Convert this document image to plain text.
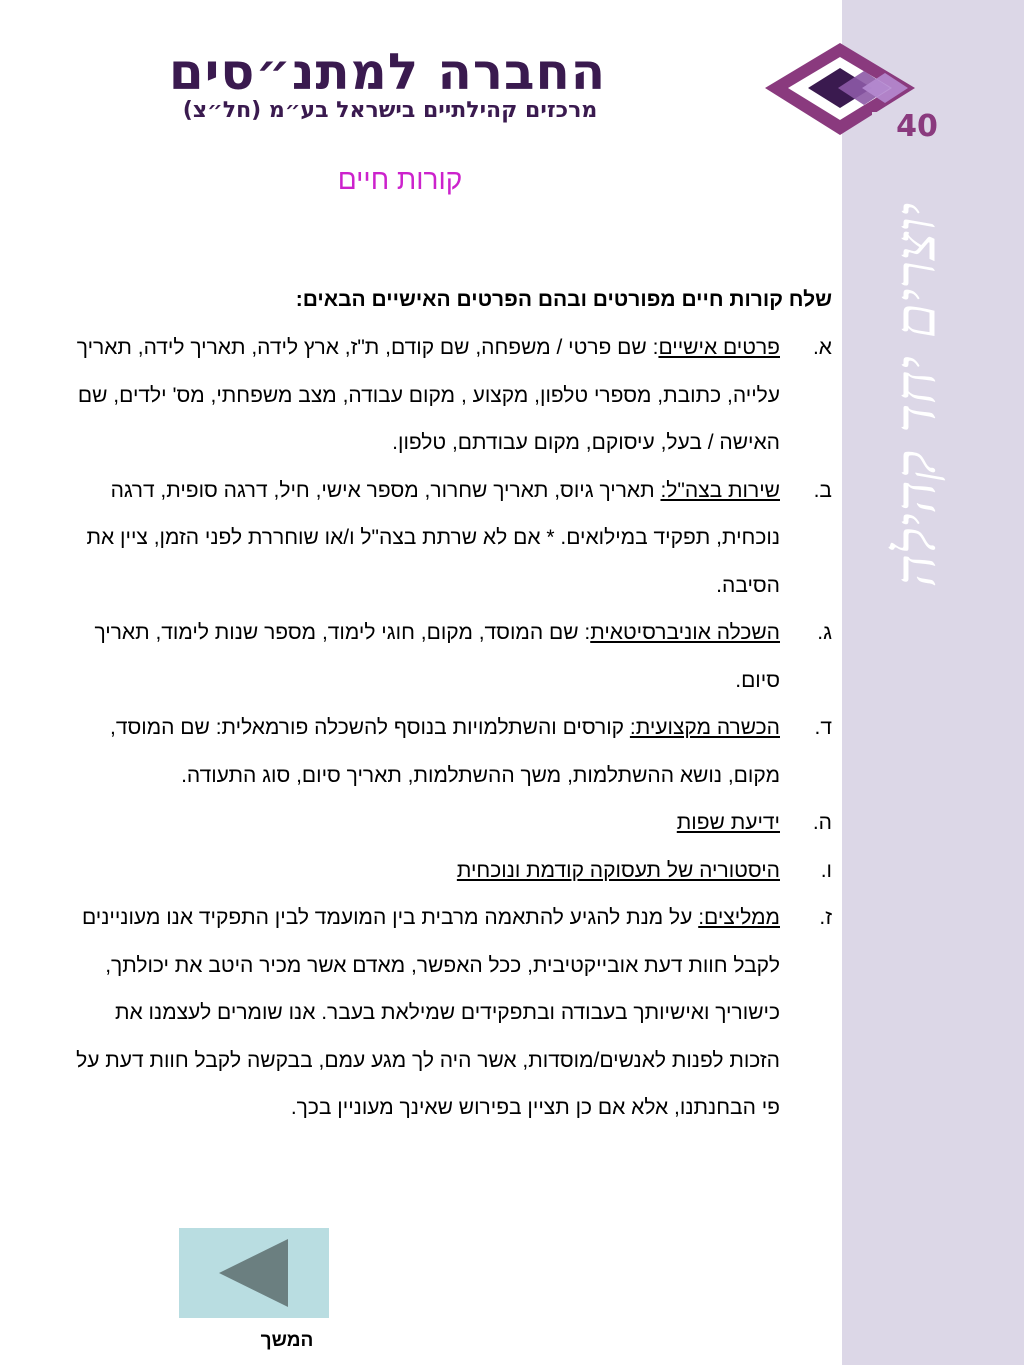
יוצרים יחד קהילה
החברה למתנ״סים
מרכזים קהילתיים בישראל בע״מ (חל״צ)	40
קורות חיים
שלח קורות חיים מפורטים ובהם הפרטים האישיים הבאים:
א.
פרטים אישיים: שם פרטי / משפחה, שם קודם, ת"ז, ארץ לידה, תאריך לידה, תאריך עלייה, כתובת, מספרי טלפון, מקצוע , מקום עבודה, מצב משפחתי, מס' ילדים, שם האישה / בעל, עיסוקם, מקום עבודתם, טלפון.
ב.
שירות בצה"ל: תאריך גיוס, תאריך שחרור, מספר אישי, חיל, דרגה סופית, דרגה נוכחית, תפקיד במילואים. * אם לא שרתת בצה"ל ו/או שוחררת לפני הזמן, ציין את הסיבה.
ג.
השכלה אוניברסיטאית: שם המוסד, מקום, חוגי לימוד, מספר שנות לימוד, תאריך סיום.
ד.
הכשרה מקצועית: קורסים והשתלמויות בנוסף להשכלה פורמאלית: שם המוסד, מקום, נושא ההשתלמות, משך ההשתלמות, תאריך סיום, סוג התעודה.
ה.
ידיעת שפות
ו.
היסטוריה של תעסוקה קודמת ונוכחית
ז.
ממליצים: על מנת להגיע להתאמה מרבית בין המועמד לבין התפקיד אנו מעוניינים לקבל חוות דעת אובייקטיבית, ככל האפשר, מאדם אשר מכיר היטב את יכולתך, כישוריך ואישיותך בעבודה ובתפקידים שמילאת בעבר. אנו שומרים לעצמנו את הזכות לפנות לאנשים/מוסדות, אשר היה לך מגע עמם, בבקשה לקבל חוות דעת על פי הבחנתנו, אלא אם כן תציין בפירוש שאינך מעוניין בכך.
המשך
